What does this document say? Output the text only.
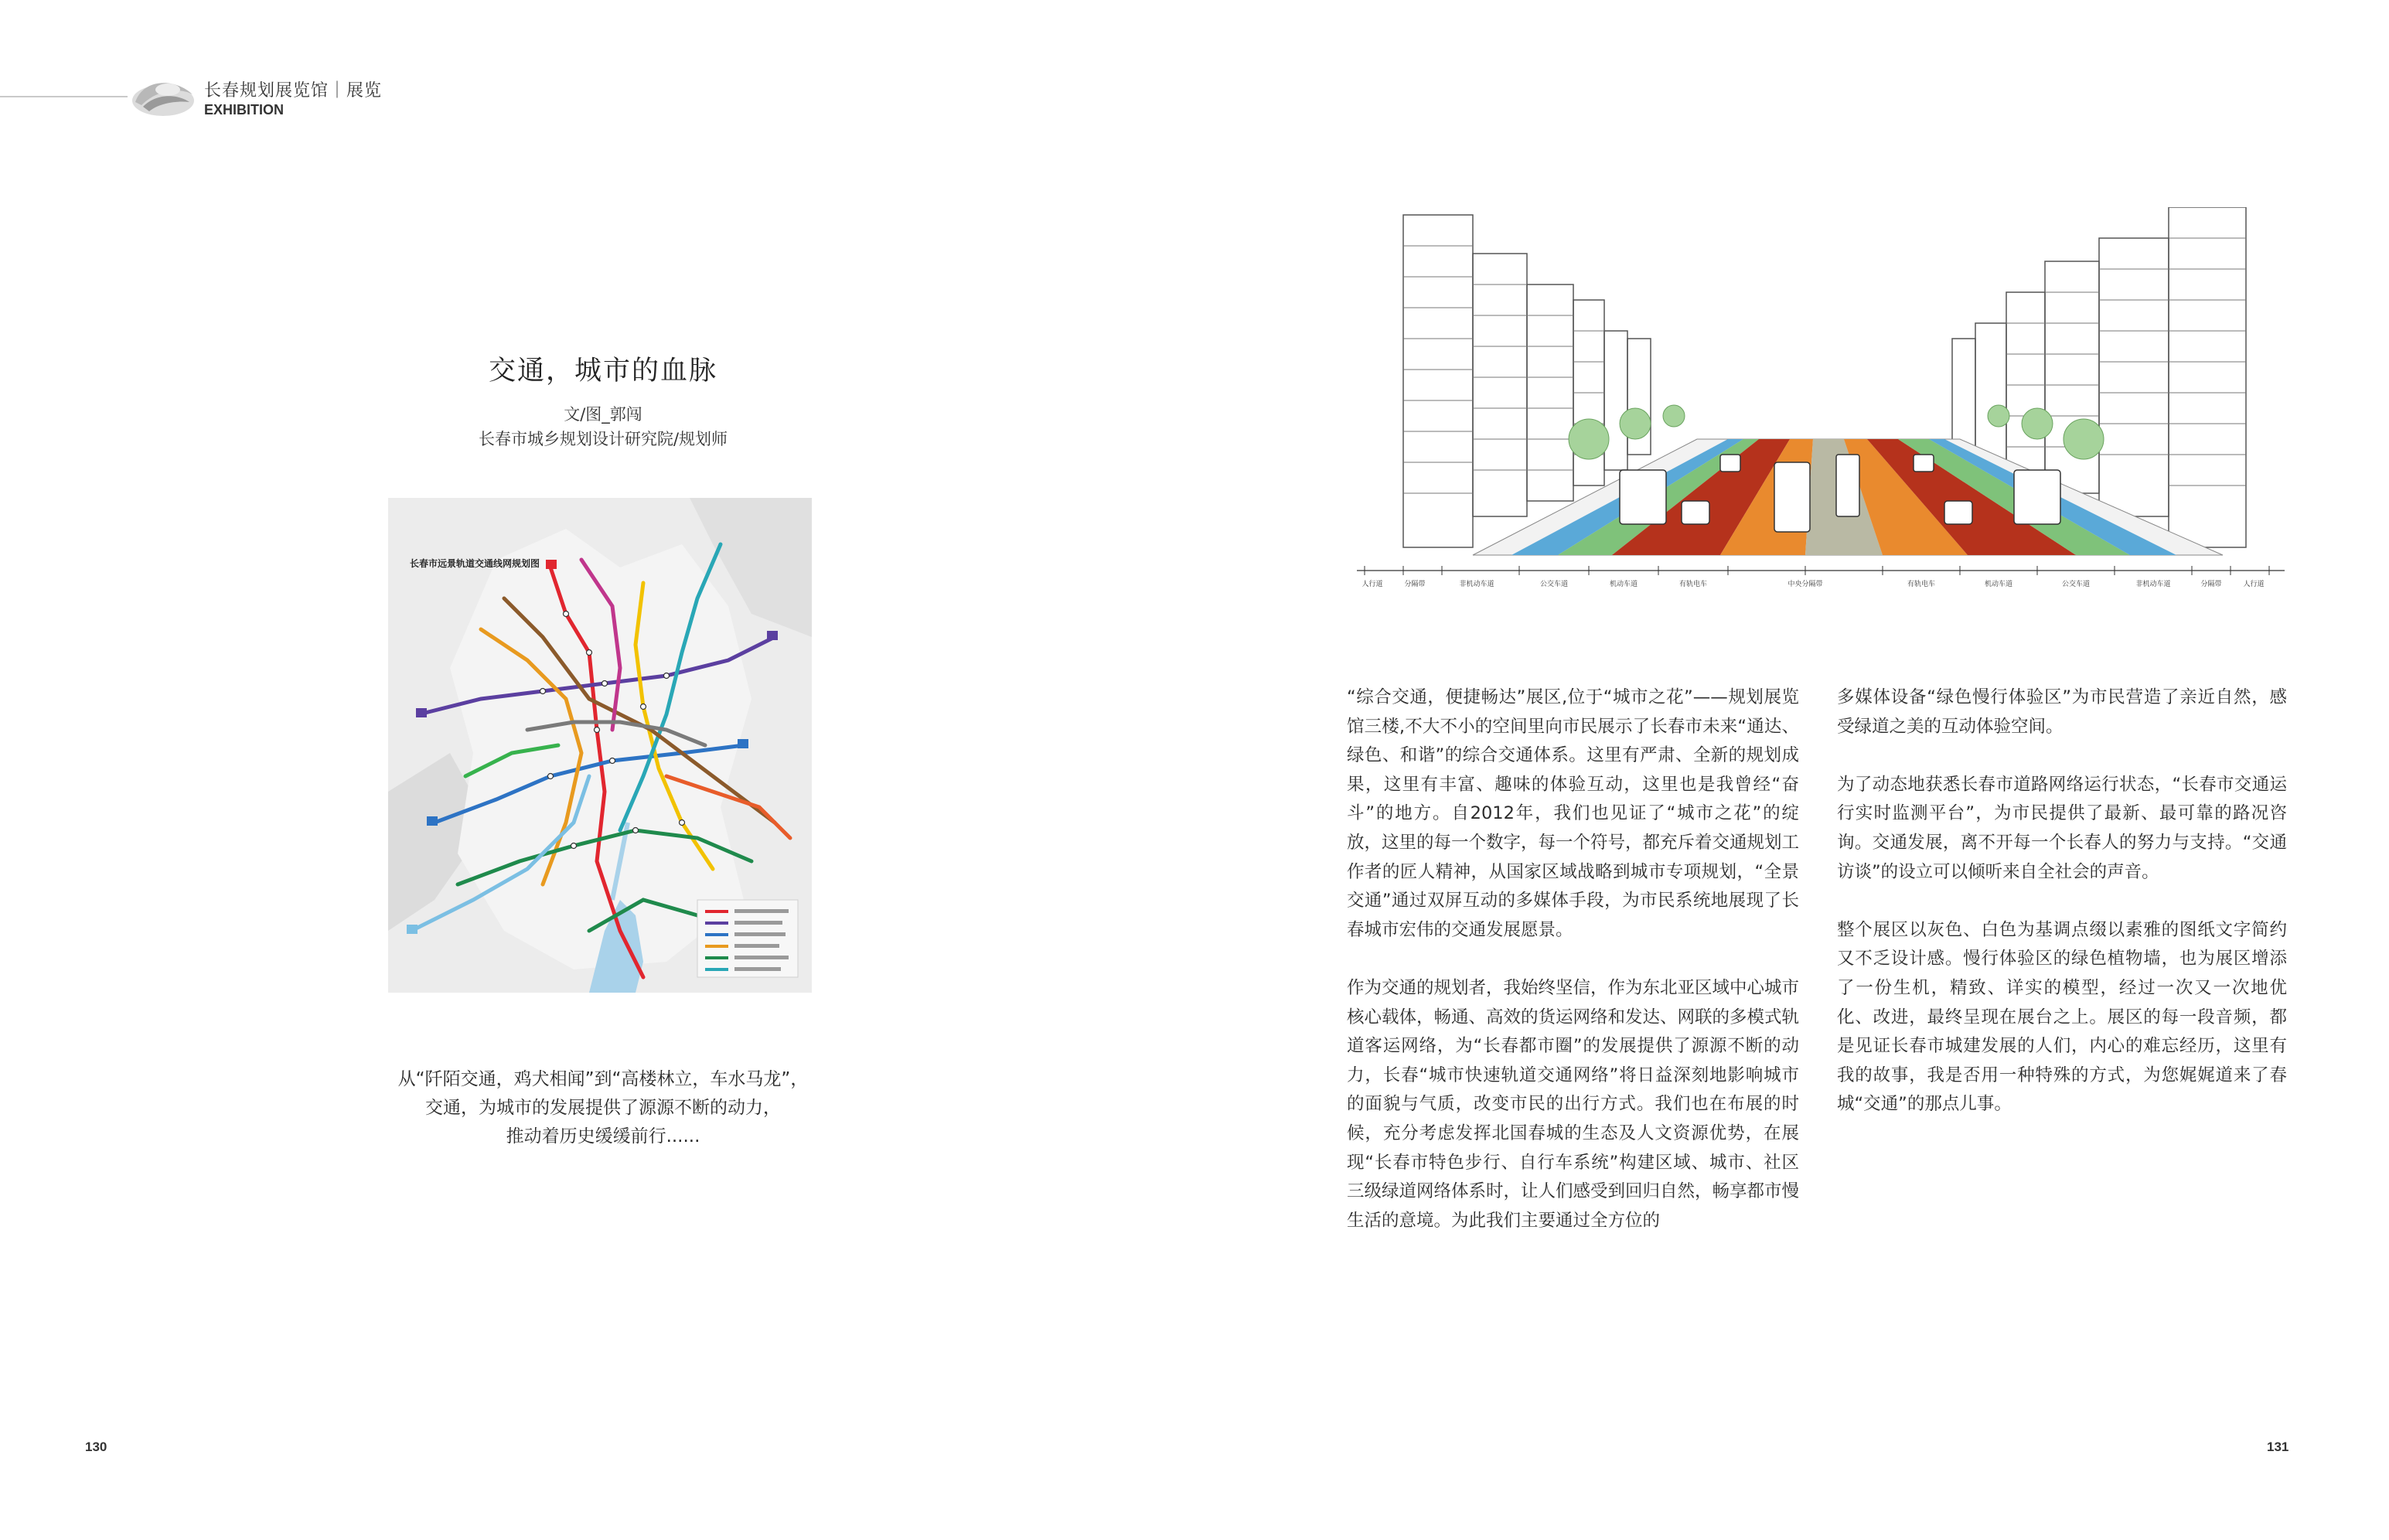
长春规划展览馆｜展览
EXHIBITION
交通，城市的血脉
文/图_郭闯
长春市城乡规划设计研究院/规划师
长春市远景轨道交通线网规划图
从“阡陌交通，鸡犬相闻”到“高楼林立，车水马龙”，
交通，为城市的发展提供了源源不断的动力，
推动着历史缓缓前行......
130
人行道	分隔带	非机动车道	公交车道	机动车道	有轨电车	中央分隔带	有轨电车	机动车道	公交车道	非机动车道	分隔带	人行道

“综合交通，便捷畅达”展区,位于“城市之花”——规划展览馆三楼,不大不小的空间里向市民展示了长春市未来“通达、绿色、和谐”的综合交通体系。这里有严肃、全新的规划成果，这里有丰富、趣味的体验互动，这里也是我曾经“奋斗”的地方。自2012年，我们也见证了“城市之花”的绽放，这里的每一个数字，每一个符号，都充斥着交通规划工作者的匠人精神，从国家区域战略到城市专项规划，“全景交通”通过双屏互动的多媒体手段，为市民系统地展现了长春城市宏伟的交通发展愿景。

作为交通的规划者，我始终坚信，作为东北亚区域中心城市核心载体，畅通、高效的货运网络和发达、网联的多模式轨道客运网络，为“长春都市圈”的发展提供了源源不断的动力，长春“城市快速轨道交通网络”将日益深刻地影响城市的面貌与气质，改变市民的出行方式。我们也在布展的时候，充分考虑发挥北国春城的生态及人文资源优势，在展现“长春市特色步行、自行车系统”构建区域、城市、社区三级绿道网络体系时，让人们感受到回归自然，畅享都市慢生活的意境。为此我们主要通过全方位的

多媒体设备“绿色慢行体验区”为市民营造了亲近自然，感受绿道之美的互动体验空间。

为了动态地获悉长春市道路网络运行状态，“长春市交通运行实时监测平台”，为市民提供了最新、最可靠的路况咨询。交通发展，离不开每一个长春人的努力与支持。“交通访谈”的设立可以倾听来自全社会的声音。

整个展区以灰色、白色为基调点缀以素雅的图纸文字简约又不乏设计感。慢行体验区的绿色植物墙，也为展区增添了一份生机，精致、详实的模型，经过一次又一次地优化、改进，最终呈现在展台之上。展区的每一段音频，都是见证长春市城建发展的人们，内心的难忘经历，这里有我的故事，我是否用一种特殊的方式，为您娓娓道来了春城“交通”的那点儿事。

131
